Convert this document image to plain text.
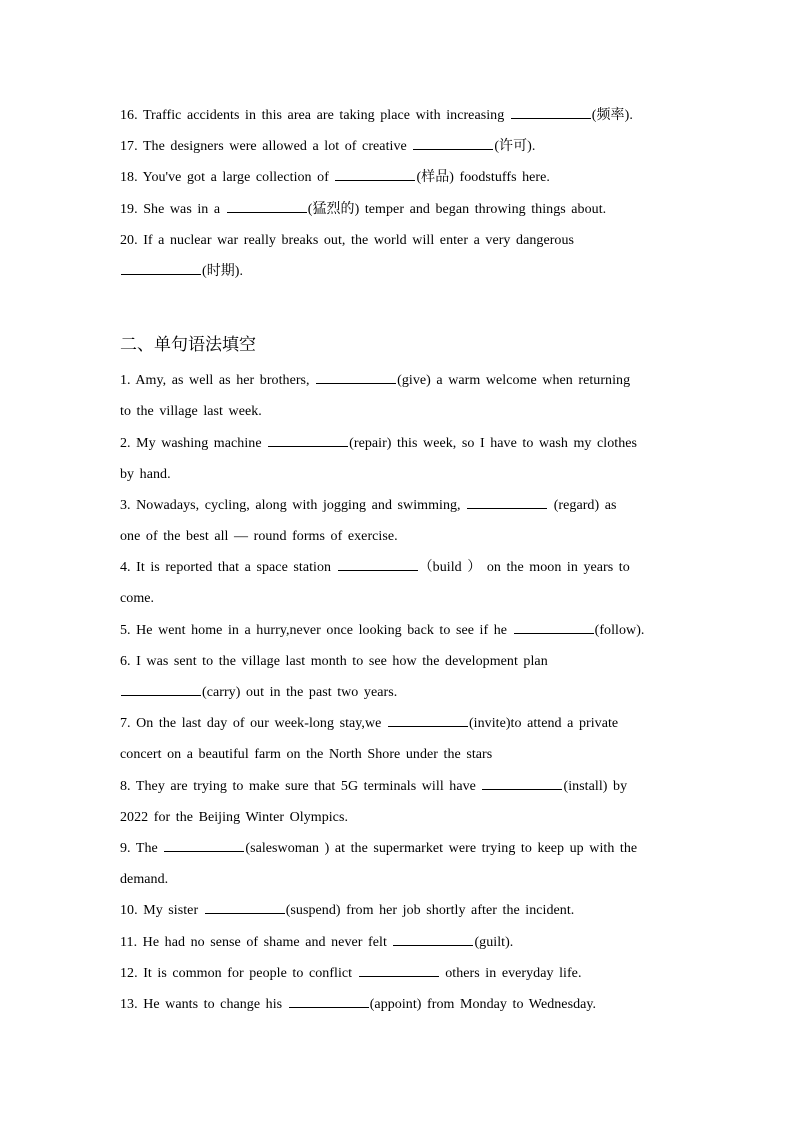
16. Traffic accidents in this area are taking place with increasing	(频率).
17. The designers were allowed a lot of creative	(许可).
18. You've got a large collection of	(样品) foodstuffs here.
19. She was in a	(猛烈的) temper and began throwing things about.
20. If a nuclear war really breaks out, the world will enter a very dangerous
(时期).
二、单句语法填空
1. Amy, as well as her brothers,	(give) a warm welcome when returning
to the village last week.
2. My washing machine	(repair) this week, so I have to wash my clothes
by hand.
3. Nowadays, cycling, along with jogging and swimming,	(regard) as
one of the best all — round forms of exercise.
4. It is reported that a space station	（build ） on the moon in years to
come.
5. He went home in a hurry,never once looking back to see if he	(follow).
6. I was sent to the village last month to see how the development plan
(carry) out in the past two years.
7. On the last day of our week-long stay,we	(invite)to attend a private
concert on a beautiful farm on the North Shore under the stars
8. They are trying to make sure that 5G terminals will have	(install) by
2022 for the Beijing Winter Olympics.
9. The	(saleswoman ) at the supermarket were trying to keep up with the
demand.
10. My sister	(suspend) from her job shortly after the incident.
11. He had no sense of shame and never felt	(guilt).
12. It is common for people to conflict	others in everyday life.
13. He wants to change his	(appoint) from Monday to Wednesday.
